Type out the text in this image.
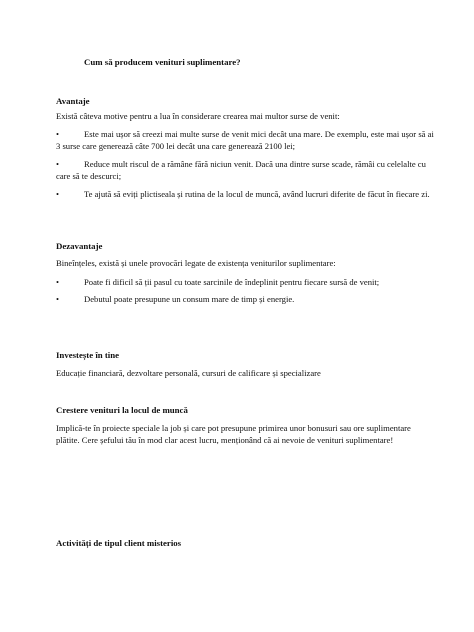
Cum să producem venituri suplimentare?

Avantaje

Există câteva motive pentru a lua în considerare crearea mai multor surse de venit:

•	Este mai ușor să creezi mai multe surse de venit mici decât una mare. De exemplu, este mai ușor să ai 3 surse care generează câte 700 lei decât una care generează 2100 lei;
•	Reduce mult riscul de a rămâne fără niciun venit. Dacă una dintre surse scade, rămâi cu celelalte cu care să te descurci;
•	Te ajută să eviți plictiseala și rutina de la locul de muncă, având lucruri diferite de făcut în fiecare zi.

Dezavantaje

Bineînțeles, există și unele provocări legate de existența veniturilor suplimentare:

•	Poate fi dificil să ții pasul cu toate sarcinile de îndeplinit pentru fiecare sursă de venit;
•	Debutul poate presupune un consum mare de timp și energie.

Investește în tine

Educație financiară, dezvoltare personală, cursuri de calificare și specializare

Crestere venituri la locul de muncă

Implică-te în proiecte speciale la job și care pot presupune primirea unor bonusuri sau ore suplimentare plătite. Cere șefului tău în mod clar acest lucru, menționând că ai nevoie de venituri suplimentare!

Activități de tipul client misterios
